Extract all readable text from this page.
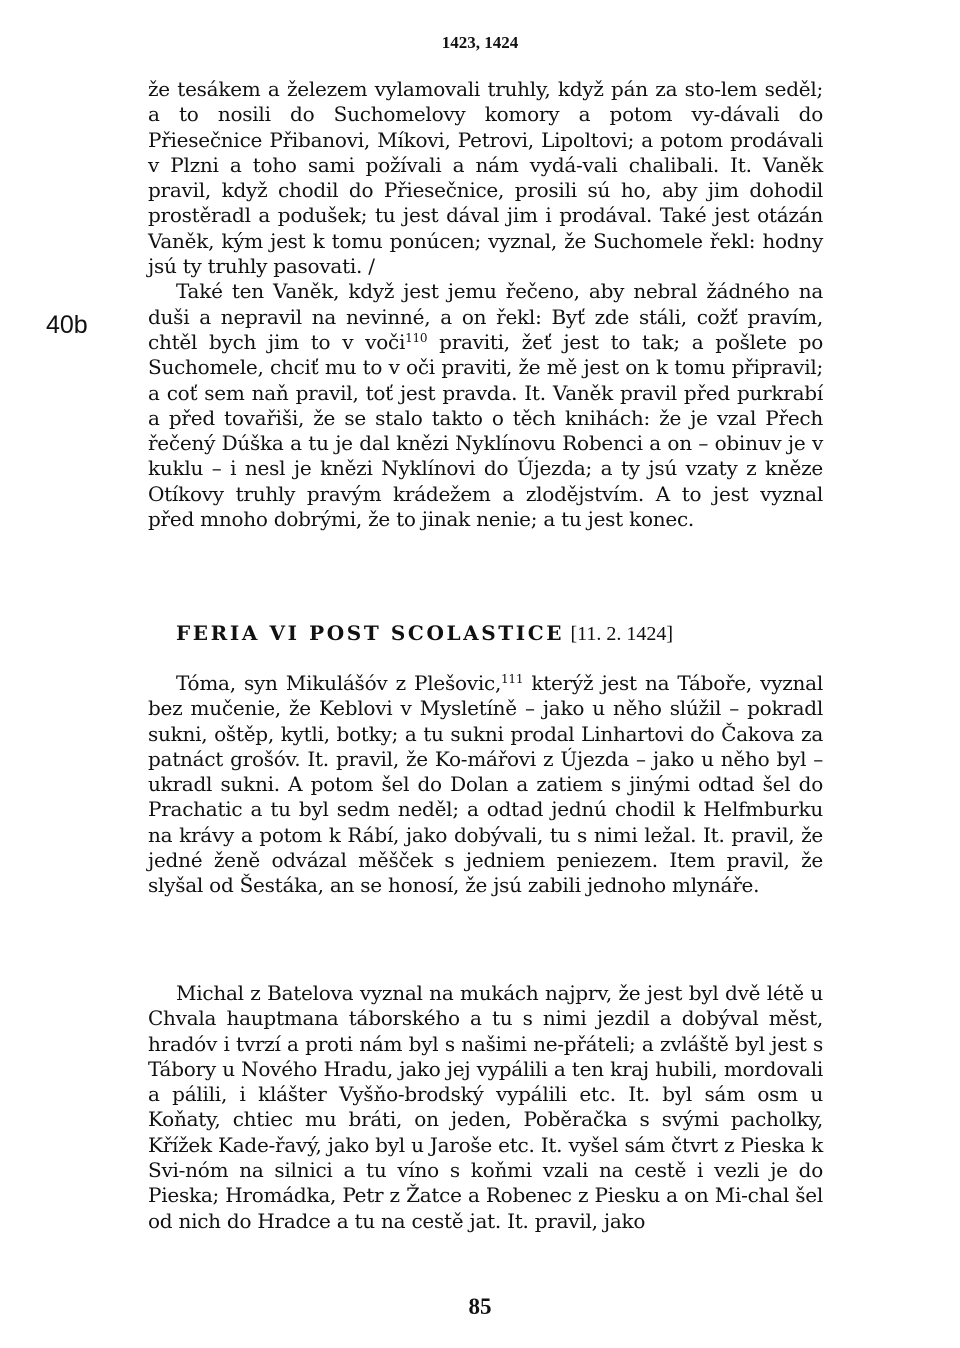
1423, 1424
40b

že tesákem a železem vylamovali truhly, když pán za sto-lem seděl; a to nosili do Suchomelovy komory a potom vy-dávali do Přiesečnice Přibanovi, Míkovi, Petrovi, Lipoltovi; a potom prodávali v Plzni a toho sami požívali a nám vydá-vali chalibali. It. Vaněk pravil, když chodil do Přiesečnice, prosili sú ho, aby jim dohodil prostěradl a podušek; tu jest dával jim i prodával. Také jest otázán Vaněk, kým jest k tomu ponúcen; vyznal, že Suchomele řekl: hodny jsú ty truhly pasovati. /

Také ten Vaněk, když jest jemu řečeno, aby nebral žádného na duši a nepravil na nevinné, a on řekl: Byť zde stáli, cožť pravím, chtěl bych jim to v voči$^{110}$ praviti, žeť jest to tak; a pošlete po Suchomele, chciť mu to v oči praviti, že mě jest on k tomu připravil; a coť sem naň pravil, toť jest pravda. It. Vaněk pravil před purkrabí a před tovařiši, že se stalo takto o těch knihách: že je vzal Přech řečený Dúška a tu je dal knězi Nyklínovu Robenci a on – obinuv je v kuklu – i nesl je knězi Nyklínovi do Újezda; a ty jsú vzaty z kněze Otíkovy truhly pravým krádežem a zlodějstvím. A to jest vyznal před mnoho dobrými, že to jinak nenie; a tu jest konec.

FERIA VI POST SCOLASTICE [11. 2. 1424]

Tóma, syn Mikulášóv z Plešovic,$^{111}$ kterýž jest na Táboře, vyznal bez mučenie, že Keblovi v Mysletíně – jako u něho slúžil – pokradl sukni, oštěp, kytli, botky; a tu sukni prodal Linhartovi do Čakova za patnáct grošóv. It. pravil, že Ko-mářovi z Újezda – jako u něho byl – ukradl sukni. A potom šel do Dolan a zatiem s jinými odtad šel do Prachatic a tu byl sedm neděl; a odtad jednú chodil k Helfmburku na krávy a potom k Rábí, jako dobývali, tu s nimi ležal. It. pravil, že jedné ženě odvázal měšček s jedniem peniezem. Item pravil, že slyšal od Šestáka, an se honosí, že jsú zabili jednoho mlynáře.

Michal z Batelova vyznal na mukách najprv, že jest byl dvě létě u Chvala hauptmana táborského a tu s nimi jezdil a dobýval měst, hradóv i tvrzí a proti nám byl s našimi ne-přáteli; a zvláště byl jest s Tábory u Nového Hradu, jako jej vypálili a ten kraj hubili, mordovali a pálili, i klášter Vyšňo-brodský vypálili etc. It. byl sám osm u Koňaty, chtiec mu bráti, on jeden, Poběračka s svými pacholky, Křížek Kade-řavý, jako byl u Jaroše etc. It. vyšel sám čtvrt z Pieska k Svi-nóm na silnici a tu víno s koňmi vzali na cestě i vezli je do Pieska; Hromádka, Petr z Žatce a Robenec z Piesku a on Mi-chal šel od nich do Hradce a tu na cestě jat. It. pravil, jako

85
